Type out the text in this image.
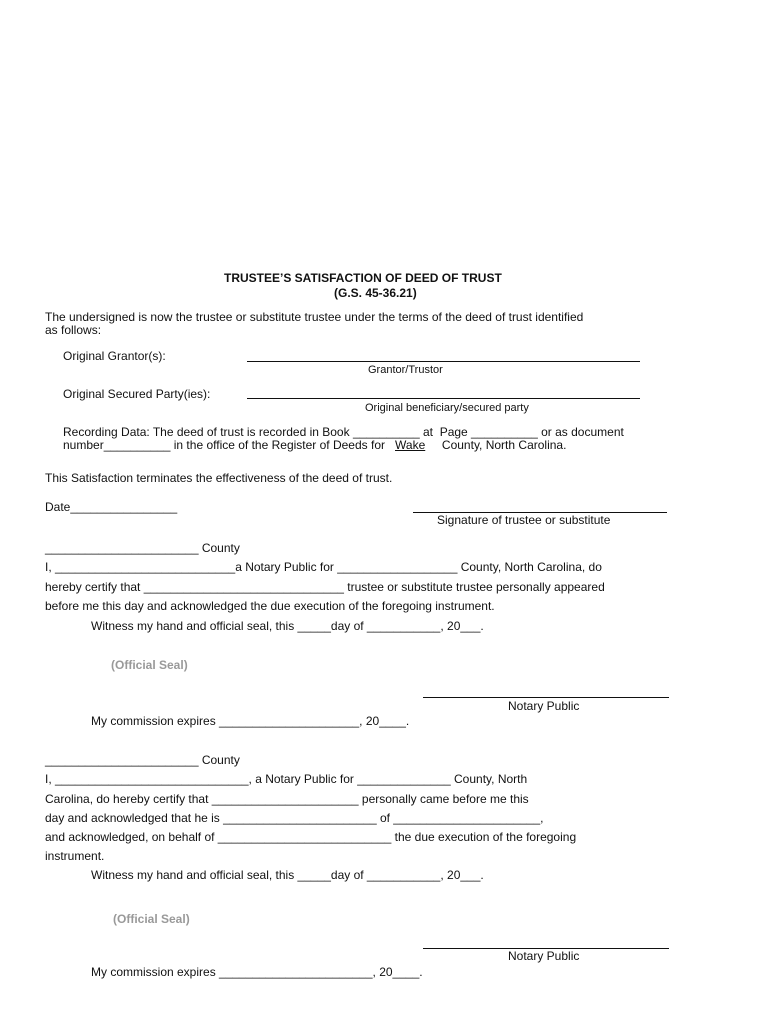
TRUSTEE’S SATISFACTION OF DEED OF TRUST
(G.S. 45-36.21)
The undersigned is now the trustee or substitute trustee under the terms of the deed of trust identified
as follows:
Original Grantor(s):
Grantor/Trustor
Original Secured Party(ies):
Original beneficiary/secured party
Recording Data: The deed of trust is recorded in Book __________ at  Page __________ or as document
number__________ in the office of the Register of Deeds for Wake County, North Carolina.
This Satisfaction terminates the effectiveness of the deed of trust.
Date________________
Signature of trustee or substitute
_______________________ County
I, ___________________________a Notary Public for __________________ County, North Carolina, do
hereby certify that ______________________________ trustee or substitute trustee personally appeared
before me this day and acknowledged the due execution of the foregoing instrument.
Witness my hand and official seal, this _____day of ___________, 20___.
(Official Seal)
Notary Public
My commission expires _____________________, 20____.
_______________________ County
I, _____________________________, a Notary Public for ______________ County, North
Carolina, do hereby certify that ______________________ personally came before me this
day and acknowledged that he is _______________________ of ______________________,
and acknowledged, on behalf of __________________________ the due execution of the foregoing
instrument.
Witness my hand and official seal, this _____day of ___________, 20___.
(Official Seal)
Notary Public
My commission expires _______________________, 20____.
